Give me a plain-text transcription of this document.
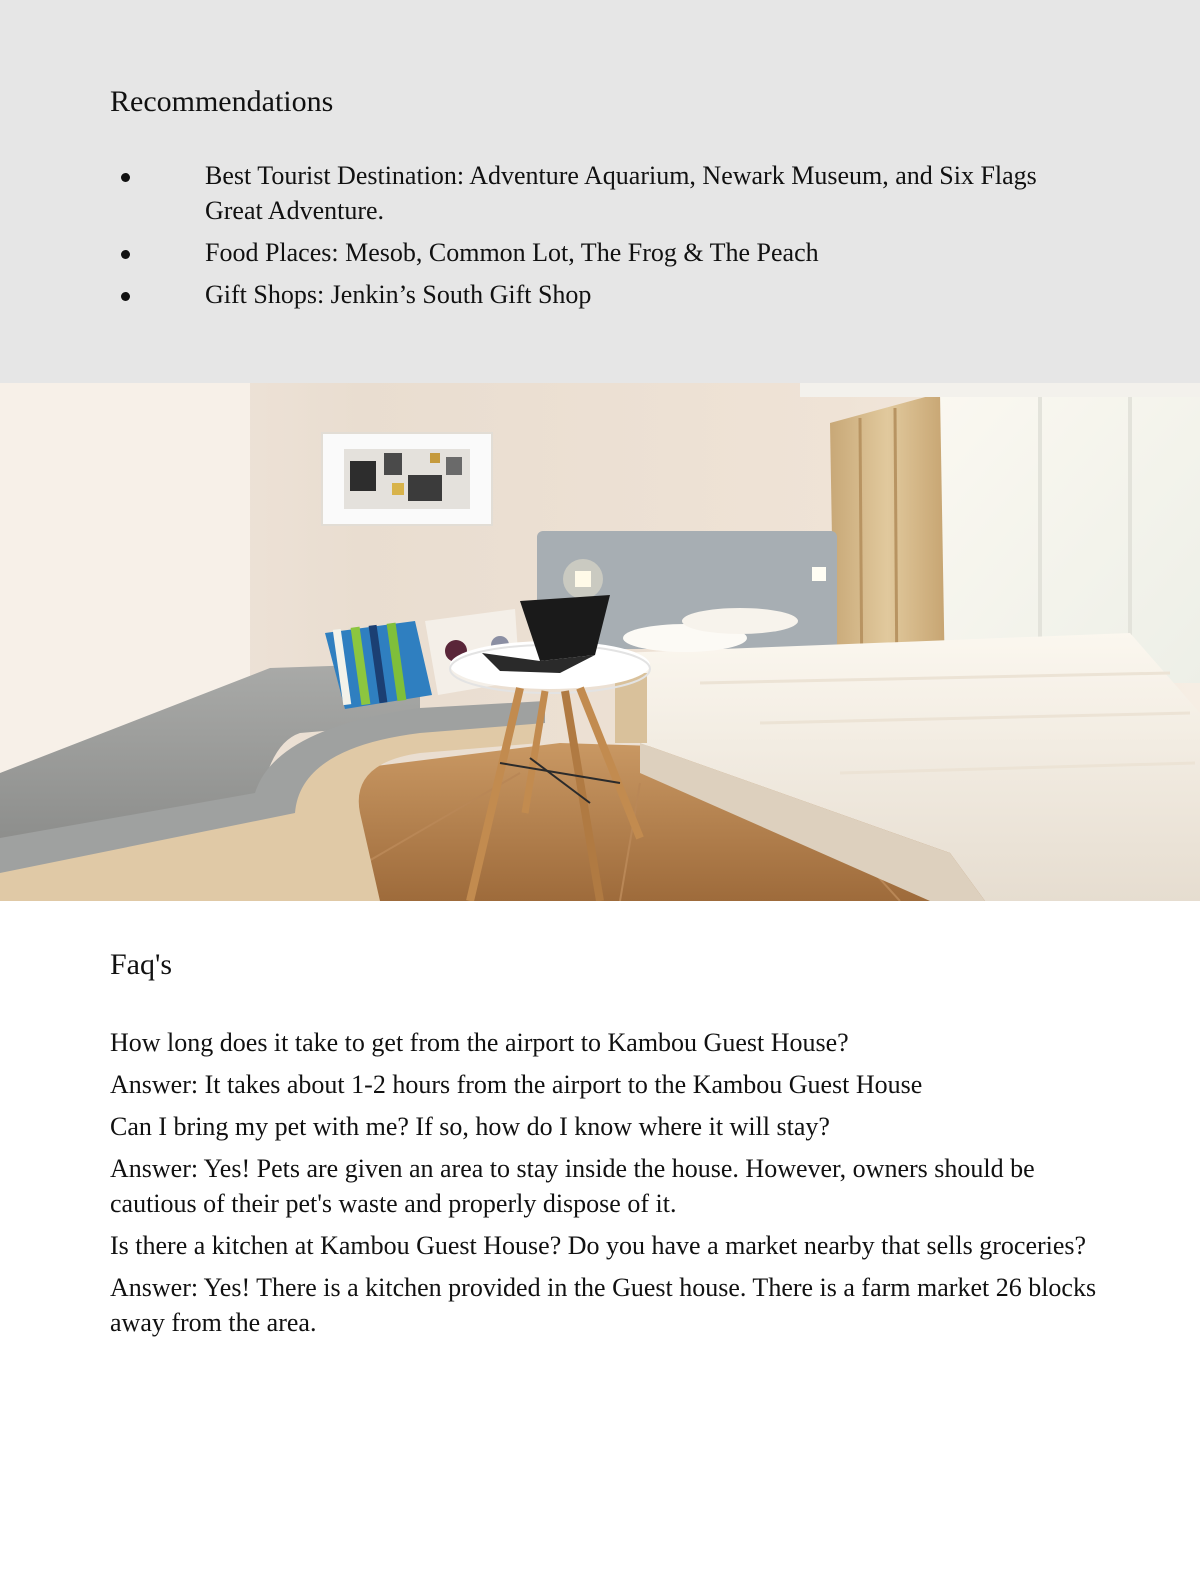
Recommendations
Best Tourist Destination: Adventure Aquarium, Newark Museum, and Six Flags Great Adventure.
Food Places: Mesob, Common Lot, The Frog & The Peach
Gift Shops: Jenkin’s South Gift Shop
Faq's

How long does it take to get from the airport to Kambou Guest House?

Answer: It takes about 1-2 hours from the airport to the Kambou Guest House

Can I bring my pet with me? If so, how do I know where it will stay?

Answer: Yes! Pets are given an area to stay inside the house. However, owners should be cautious of their pet's waste and properly dispose of it.

Is there a kitchen at Kambou Guest House? Do you have a market nearby that sells groceries?

Answer: Yes! There is a kitchen provided in the Guest house. There is a farm market 26 blocks away from the area.
